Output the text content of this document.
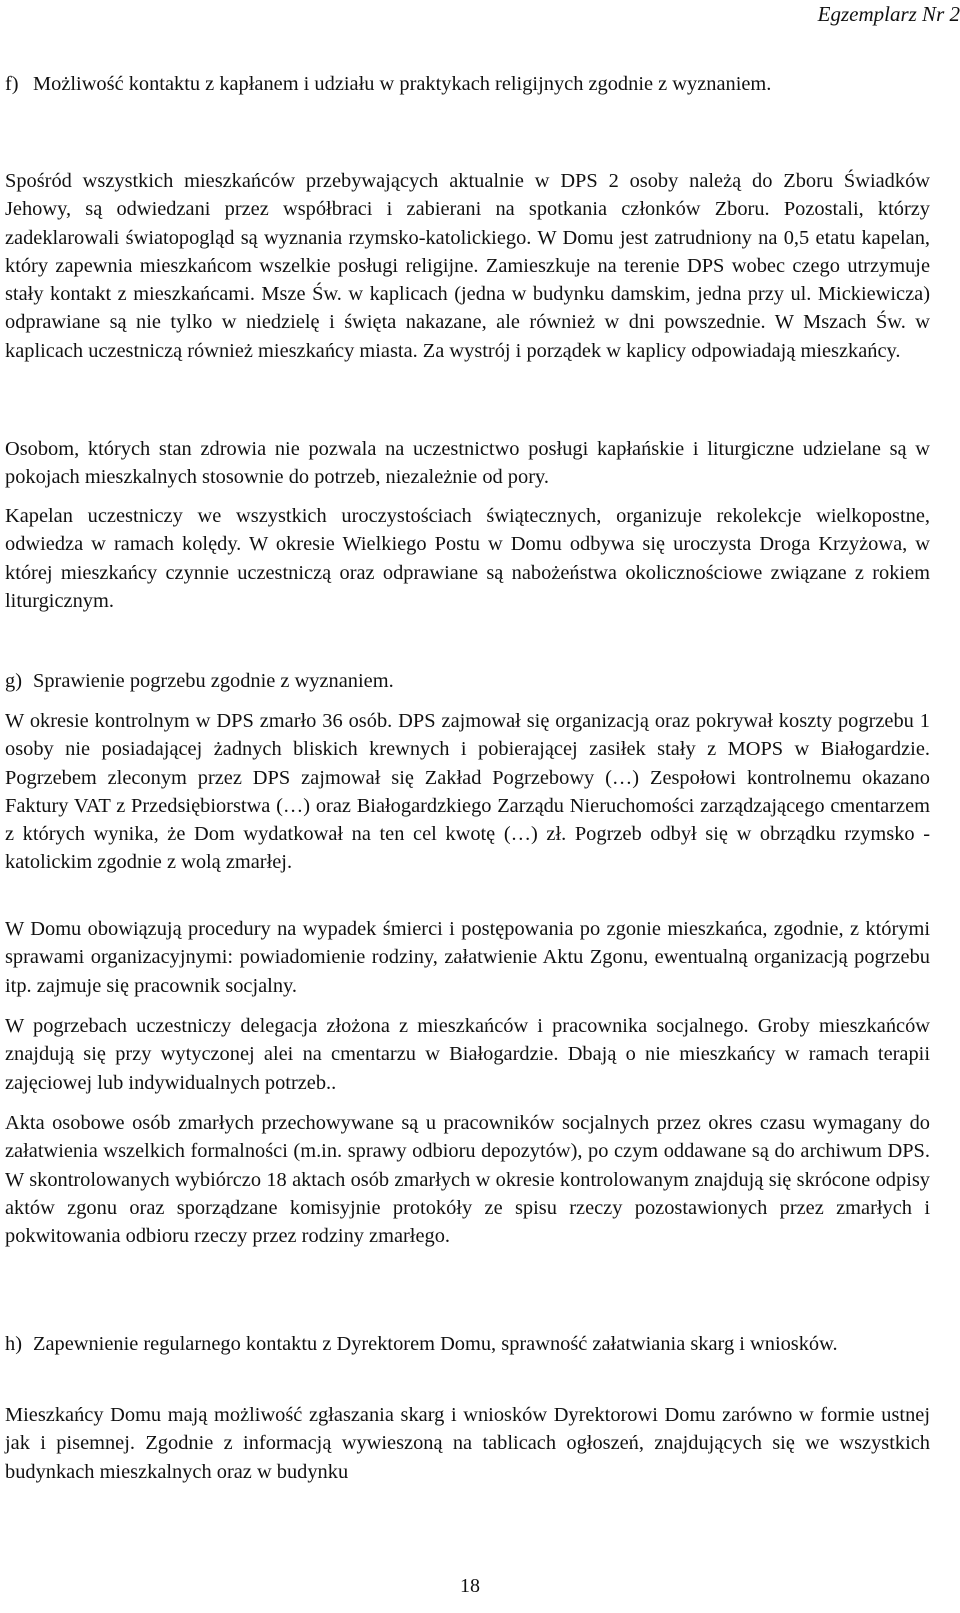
Egzemplarz Nr 2
f) Możliwość kontaktu z kapłanem i udziału w praktykach religijnych zgodnie z wyznaniem.

Spośród wszystkich mieszkańców przebywających aktualnie w DPS 2 osoby należą do Zboru Świadków Jehowy, są odwiedzani przez współbraci i zabierani na spotkania członków Zboru. Pozostali, którzy zadeklarowali światopogląd są wyznania rzymsko-katolickiego. W Domu jest zatrudniony na 0,5 etatu kapelan, który zapewnia mieszkańcom wszelkie posługi religijne. Zamieszkuje na terenie DPS wobec czego utrzymuje stały kontakt z mieszkańcami. Msze Św. w kaplicach (jedna w budynku damskim, jedna przy ul. Mickiewicza) odprawiane są nie tylko w niedzielę i święta nakazane, ale również w dni powszednie. W Mszach Św. w kaplicach uczestniczą również mieszkańcy miasta. Za wystrój i porządek w kaplicy odpowiadają mieszkańcy.

Osobom, których stan zdrowia nie pozwala na uczestnictwo posługi kapłańskie i liturgiczne udzielane są w pokojach mieszkalnych stosownie do potrzeb, niezależnie od pory.

Kapelan uczestniczy we wszystkich uroczystościach świątecznych, organizuje rekolekcje wielkopostne, odwiedza w ramach kolędy. W okresie Wielkiego Postu w Domu odbywa się uroczysta Droga Krzyżowa, w której mieszkańcy czynnie uczestniczą oraz odprawiane są nabożeństwa okolicznościowe związane z rokiem liturgicznym.

g) Sprawienie pogrzebu zgodnie z wyznaniem.

W okresie kontrolnym w DPS zmarło 36 osób. DPS zajmował się organizacją oraz pokrywał koszty pogrzebu 1 osoby nie posiadającej żadnych bliskich krewnych i pobierającej zasiłek stały z MOPS w Białogardzie. Pogrzebem zleconym przez DPS zajmował się Zakład Pogrzebowy (…) Zespołowi kontrolnemu okazano Faktury VAT z Przedsiębiorstwa (…) oraz Białogardzkiego Zarządu Nieruchomości zarządzającego cmentarzem z których wynika, że Dom wydatkował na ten cel kwotę (…) zł. Pogrzeb odbył się w obrządku rzymsko - katolickim zgodnie z wolą zmarłej.

W Domu obowiązują procedury na wypadek śmierci i postępowania po zgonie mieszkańca, zgodnie, z którymi sprawami organizacyjnymi: powiadomienie rodziny, załatwienie Aktu Zgonu, ewentualną organizacją pogrzebu itp. zajmuje się pracownik socjalny.

W pogrzebach uczestniczy delegacja złożona z mieszkańców i pracownika socjalnego. Groby mieszkańców znajdują się przy wytyczonej alei na cmentarzu w Białogardzie. Dbają o nie mieszkańcy w ramach terapii zajęciowej lub indywidualnych potrzeb..

Akta osobowe osób zmarłych przechowywane są u pracowników socjalnych przez okres czasu wymagany do załatwienia wszelkich formalności (m.in. sprawy odbioru depozytów), po czym oddawane są do archiwum DPS. W skontrolowanych wybiórczo 18 aktach osób zmarłych w okresie kontrolowanym znajdują się skrócone odpisy aktów zgonu oraz sporządzane komisyjnie protokóły ze spisu rzeczy pozostawionych przez zmarłych i pokwitowania odbioru rzeczy przez rodziny zmarłego.

h) Zapewnienie regularnego kontaktu z Dyrektorem Domu, sprawność załatwiania skarg i wniosków.

Mieszkańcy Domu mają możliwość zgłaszania skarg i wniosków Dyrektorowi Domu zarówno w formie ustnej jak i pisemnej. Zgodnie z informacją wywieszoną na tablicach ogłoszeń, znajdujących się we wszystkich budynkach mieszkalnych oraz w budynku

18
